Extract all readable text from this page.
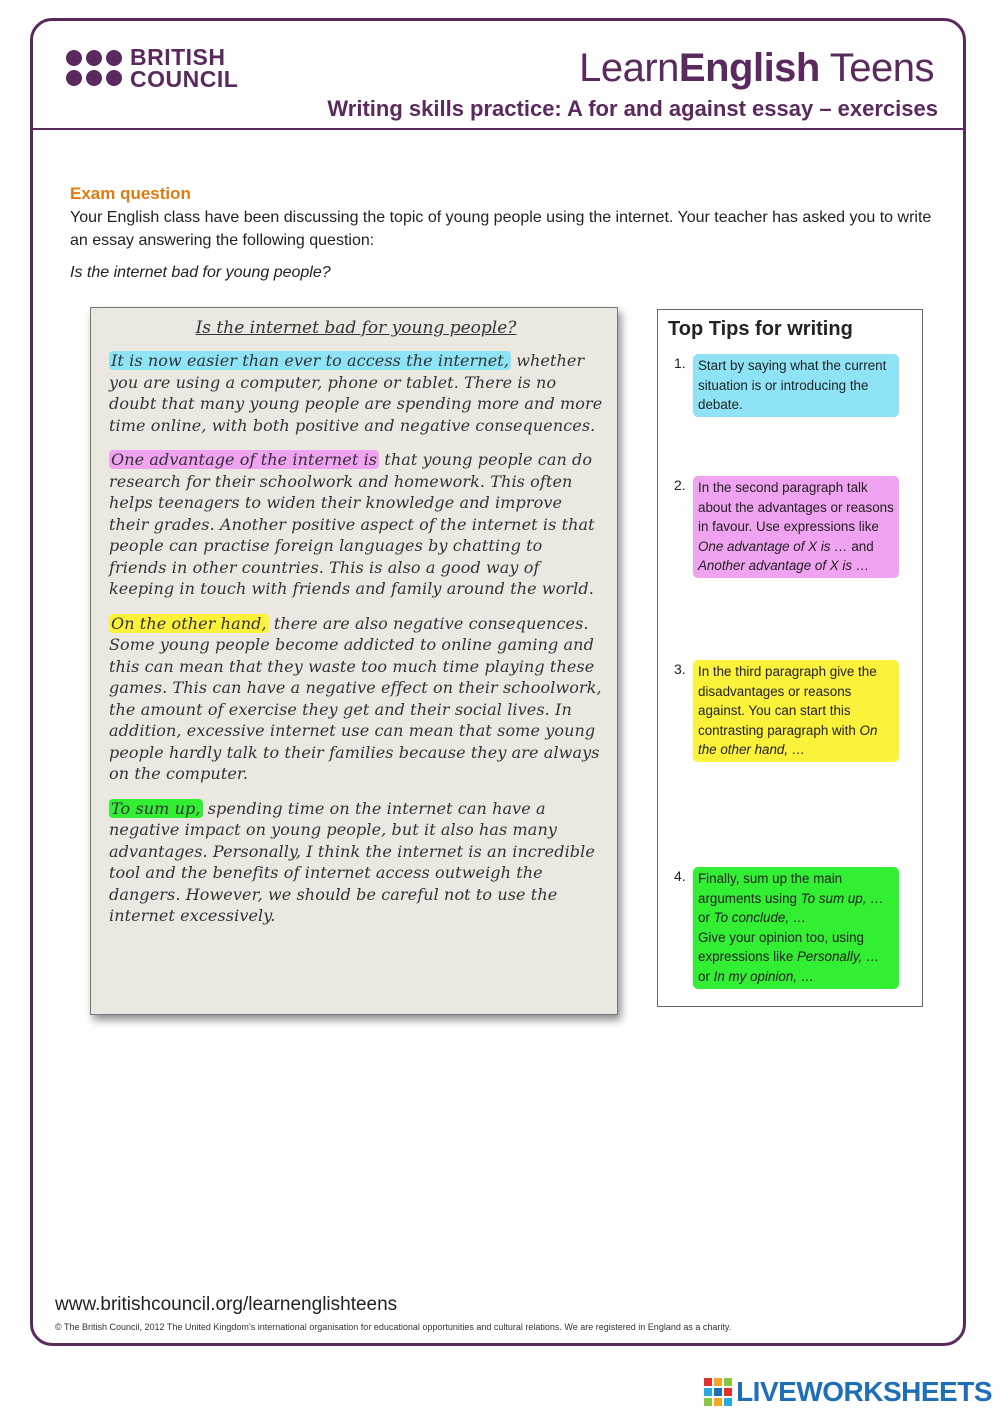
BRITISH
COUNCIL	LearnEnglish Teens
Writing skills practice: A for and against essay – exercises
Exam question
Your English class have been discussing the topic of young people using the internet. Your teacher has asked you to write an essay answering the following question:
Is the internet bad for young people?
Is the internet bad for young people?

It is now easier than ever to access the internet, whether you are using a computer, phone or tablet. There is no doubt that many young people are spending more and more time online, with both positive and negative consequences.

One advantage of the internet is that young people can do research for their schoolwork and homework. This often helps teenagers to widen their knowledge and improve their grades. Another positive aspect of the internet is that people can practise foreign languages by chatting to friends in other countries. This is also a good way of keeping in touch with friends and family around the world.

On the other hand, there are also negative consequences. Some young people become addicted to online gaming and this can mean that they waste too much time playing these games. This can have a negative effect on their schoolwork, the amount of exercise they get and their social lives. In addition, excessive internet use can mean that some young people hardly talk to their families because they are always on the computer.

To sum up, spending time on the internet can have a negative impact on young people, but it also has many advantages. Personally, I think the internet is an incredible tool and the benefits of internet access outweigh the dangers. However, we should be careful not to use the internet excessively.

Top Tips for writing
1. Start by saying what the current situation is or introducing the debate.
2. In the second paragraph talk about the advantages or reasons in favour. Use expressions like One advantage of X is … and Another advantage of X is …
3. In the third paragraph give the disadvantages or reasons against. You can start this contrasting paragraph with On the other hand, …
4. Finally, sum up the main arguments using To sum up, … or To conclude, …
Give your opinion too, using expressions like Personally, … or In my opinion, …
www.britishcouncil.org/learnenglishteens
© The British Council, 2012 The United Kingdom’s international organisation for educational opportunities and cultural relations. We are registered in England as a charity.
LIVEWORKSHEETS
